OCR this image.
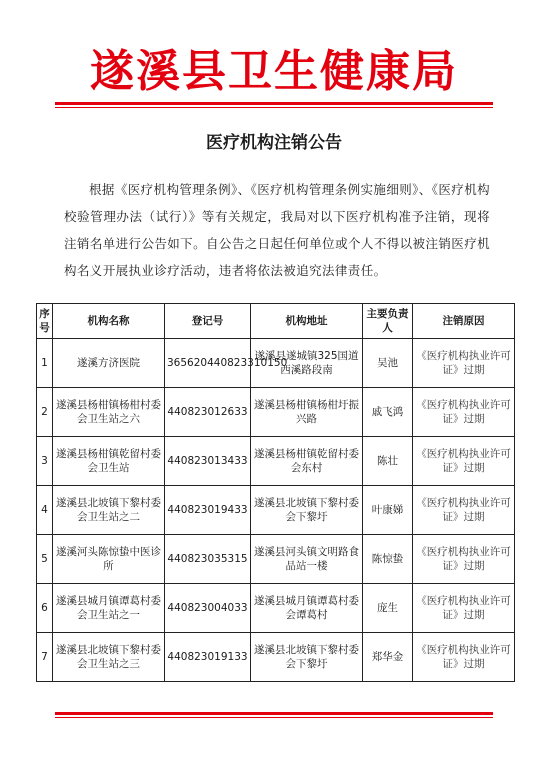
遂溪县卫生健康局
医疗机构注销公告
根据《医疗机构管理条例》、《医疗机构管理条例实施细则》、《医疗机构校验管理办法（试行）》等有关规定，我局对以下医疗机构准予注销，现将注销名单进行公告如下。自公告之日起任何单位或个人不得以被注销医疗机构名义开展执业诊疗活动，违者将依法被追究法律责任。
序号	机构名称	登记号	机构地址	主要负责人	注销原因
1	遂溪方济医院	365620440823310150	遂溪县遂城镇325国道西溪路段南	吴池	《医疗机构执业许可证》过期
2	遂溪县杨柑镇杨柑村委会卫生站之六	440823012633	遂溪县杨柑镇杨柑圩振兴路	戚飞鸿	《医疗机构执业许可证》过期
3	遂溪县杨柑镇乾留村委会卫生站	440823013433	遂溪县杨柑镇乾留村委会东村	陈壮	《医疗机构执业许可证》过期
4	遂溪县北坡镇下黎村委会卫生站之二	440823019433	遂溪县北坡镇下黎村委会下黎圩	叶康娣	《医疗机构执业许可证》过期
5	遂溪河头陈惊蛰中医诊所	440823035315	遂溪县河头镇文明路食品站一楼	陈惊蛰	《医疗机构执业许可证》过期
6	遂溪县城月镇谭葛村委会卫生站之一	440823004033	遂溪县城月镇谭葛村委会谭葛村	庞生	《医疗机构执业许可证》过期
7	遂溪县北坡镇下黎村委会卫生站之三	440823019133	遂溪县北坡镇下黎村委会下黎圩	郑华金	《医疗机构执业许可证》过期
